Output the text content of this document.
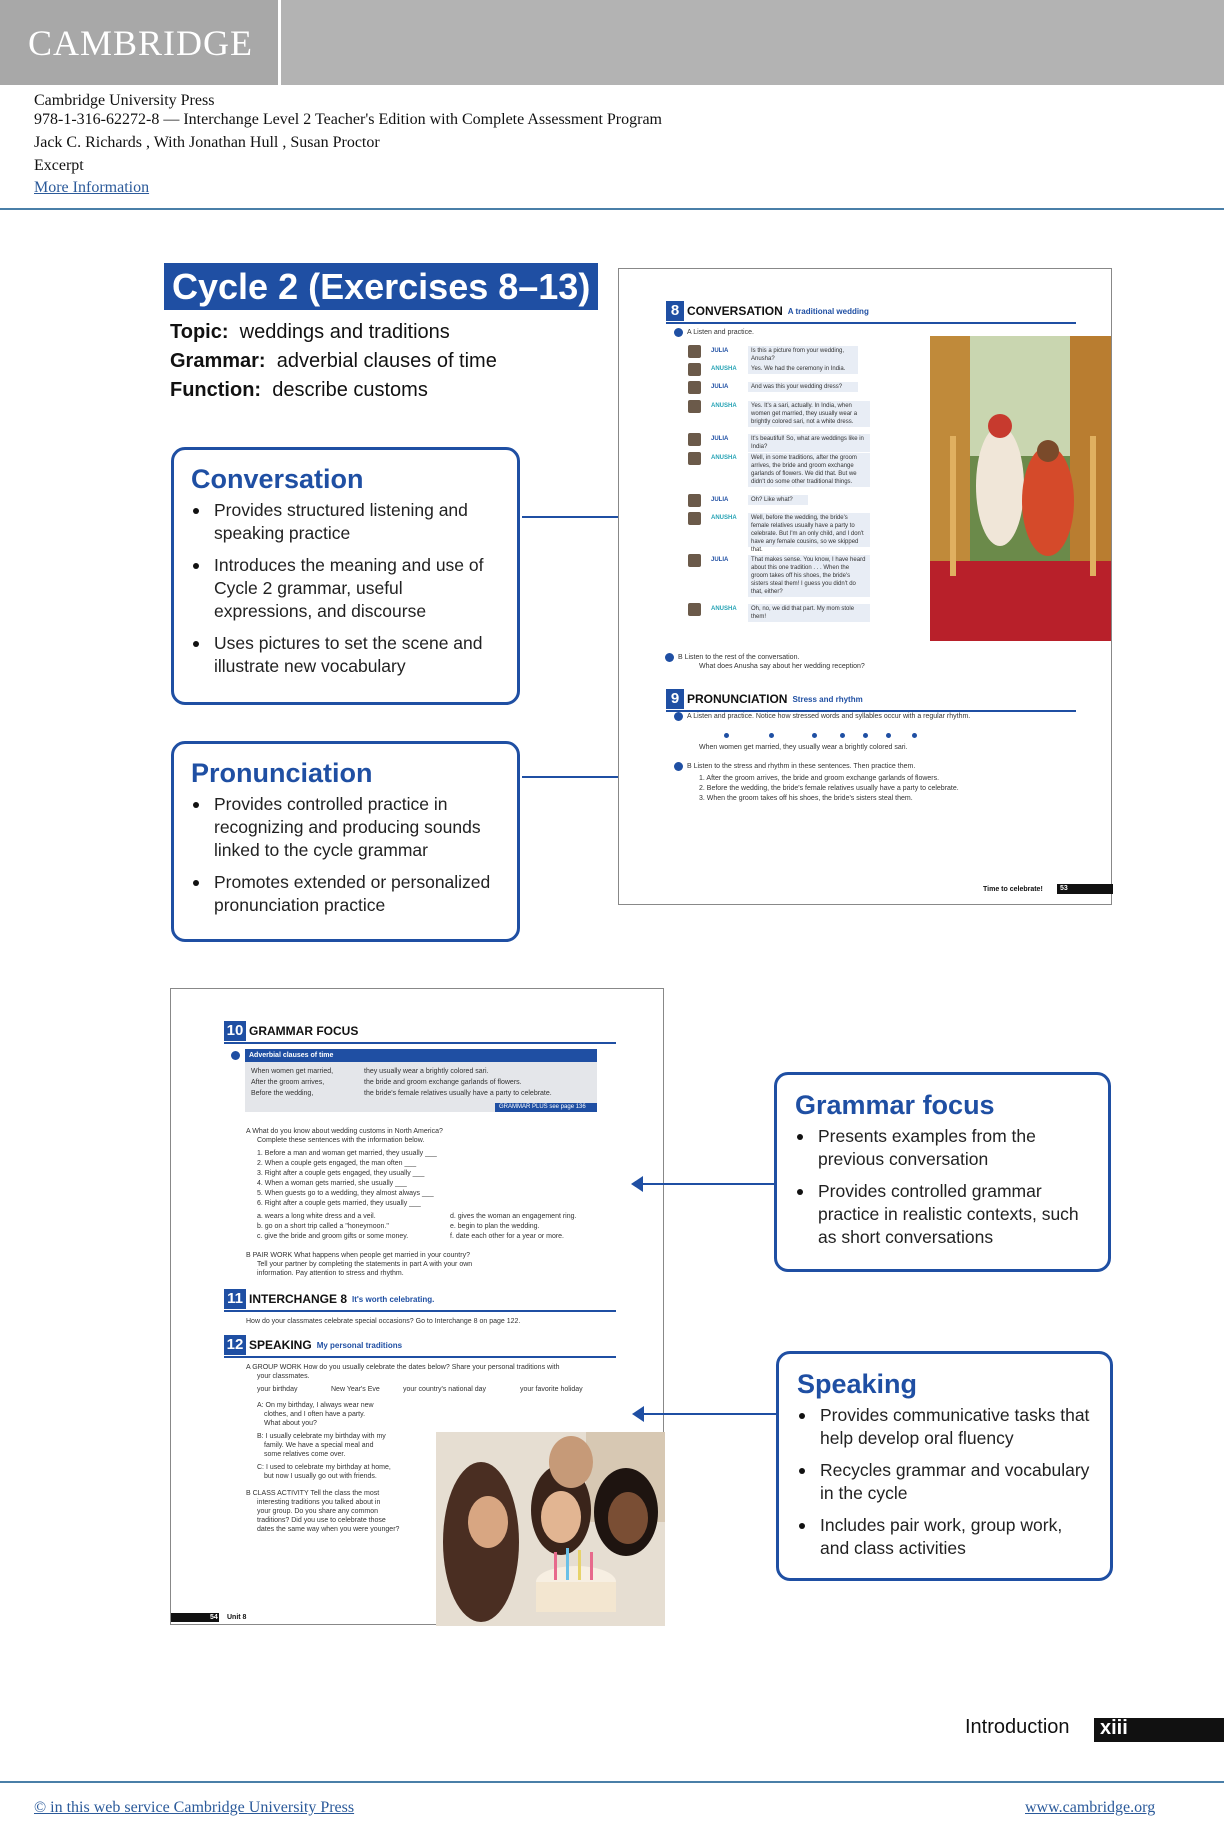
CAMBRIDGE
Cambridge University Press
978-1-316-62272-8 — Interchange Level 2 Teacher's Edition with Complete Assessment Program
Jack C. Richards , With Jonathan Hull , Susan Proctor
Excerpt
More Information
Cycle 2 (Exercises 8–13)
Topic: weddings and traditions
Grammar: adverbial clauses of time
Function: describe customs
Conversation
Provides structured listening and speaking practice
Introduces the meaning and use of Cycle 2 grammar, useful expressions, and discourse
Uses pictures to set the scene and illustrate new vocabulary
Pronunciation
Provides controlled practice in recognizing and producing sounds linked to the cycle grammar
Promotes extended or personalized pronunciation practice
8 CONVERSATION A traditional wedding
A Listen and practice.
JULIA	Is this a picture from your wedding, Anusha?
ANUSHA	Yes. We had the ceremony in India.
JULIA	And was this your wedding dress?
ANUSHA	Yes. It's a sari, actually. In India, when women get married, they usually wear a brightly colored sari, not a white dress.
JULIA	It's beautiful! So, what are weddings like in India?
ANUSHA	Well, in some traditions, after the groom arrives, the bride and groom exchange garlands of flowers. We did that. But we didn't do some other traditional things.
JULIA	Oh? Like what?
ANUSHA	Well, before the wedding, the bride's female relatives usually have a party to celebrate. But I'm an only child, and I don't have any female cousins, so we skipped that.
JULIA	That makes sense. You know, I have heard about this one tradition . . . When the groom takes off his shoes, the bride's sisters steal them! I guess you didn't do that, either?
ANUSHA	Oh, no, we did that part. My mom stole them!
B Listen to the rest of the conversation.
What does Anusha say about her wedding reception?
9 PRONUNCIATION Stress and rhythm
A Listen and practice. Notice how stressed words and syllables occur with a regular rhythm.
When women get married, they usually wear a brightly colored sari.
B Listen to the stress and rhythm in these sentences. Then practice them.
1. After the groom arrives, the bride and groom exchange garlands of flowers.
2. Before the wedding, the bride's female relatives usually have a party to celebrate.
3. When the groom takes off his shoes, the bride's sisters steal them.
Time to celebrate! 53
10 GRAMMAR FOCUS
Adverbial clauses of time
When women get married,	they usually wear a brightly colored sari.
After the groom arrives,	the bride and groom exchange garlands of flowers.
Before the wedding,	the bride's female relatives usually have a party to celebrate.
GRAMMAR PLUS see page 136
A What do you know about wedding customs in North America?
Complete these sentences with the information below.
1. Before a man and woman get married, they usually ___
2. When a couple gets engaged, the man often ___
3. Right after a couple gets engaged, they usually ___
4. When a woman gets married, she usually ___
5. When guests go to a wedding, they almost always ___
6. Right after a couple gets married, they usually ___
a. wears a long white dress and a veil.
b. go on a short trip called a "honeymoon."
c. give the bride and groom gifts or some money.
d. gives the woman an engagement ring.
e. begin to plan the wedding.
f. date each other for a year or more.
B PAIR WORK What happens when people get married in your country?
Tell your partner by completing the statements in part A with your own
information. Pay attention to stress and rhythm.
11 INTERCHANGE 8 It's worth celebrating.
How do your classmates celebrate special occasions? Go to Interchange 8 on page 122.
12 SPEAKING My personal traditions
A GROUP WORK How do you usually celebrate the dates below? Share your personal traditions with
your classmates.
your birthday	New Year's Eve	your country's national day	your favorite holiday
A: On my birthday, I always wear new
clothes, and I often have a party.
What about you?
B: I usually celebrate my birthday with my
family. We have a special meal and
some relatives come over.
C: I used to celebrate my birthday at home,
but now I usually go out with friends.
B CLASS ACTIVITY Tell the class the most
interesting traditions you talked about in
your group. Do you share any common
traditions? Did you use to celebrate those
dates the same way when you were younger?
54 Unit 8
Grammar focus
Presents examples from the previous conversation
Provides controlled grammar practice in realistic contexts, such as short conversations
Speaking
Provides communicative tasks that help develop oral fluency
Recycles grammar and vocabulary in the cycle
Includes pair work, group work, and class activities
Introduction xiii
© in this web service Cambridge University Press	www.cambridge.org
